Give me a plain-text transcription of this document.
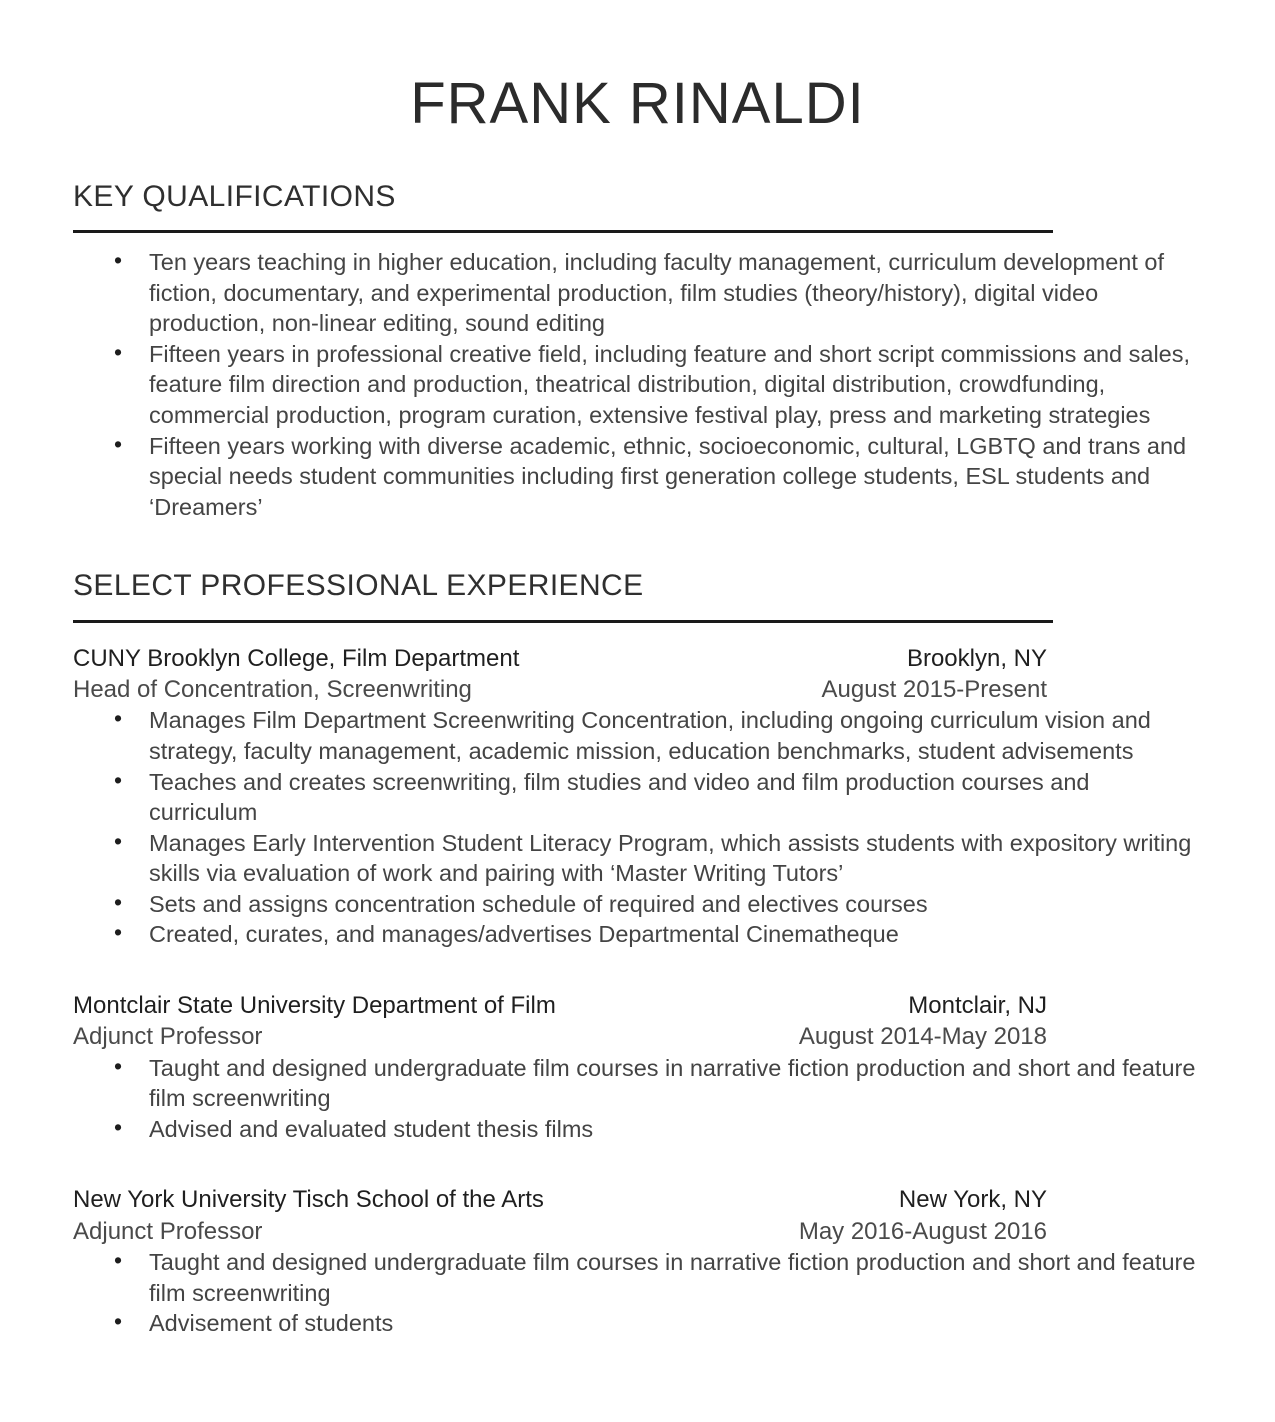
FRANK RINALDI
KEY QUALIFICATIONS
• Ten years teaching in higher education, including faculty management, curriculum development of fiction, documentary, and experimental production, film studies (theory/history), digital video production, non-linear editing, sound editing
• Fifteen years in professional creative field, including feature and short script commissions and sales, feature film direction and production, theatrical distribution, digital distribution, crowdfunding, commercial production, program curation, extensive festival play, press and marketing strategies
• Fifteen years working with diverse academic, ethnic, socioeconomic, cultural, LGBTQ and trans and special needs student communities including first generation college students, ESL students and ‘Dreamers’
SELECT PROFESSIONAL EXPERIENCE
CUNY Brooklyn College, Film Department	Brooklyn, NY
Head of Concentration, Screenwriting	August 2015-Present
• Manages Film Department Screenwriting Concentration, including ongoing curriculum vision and strategy, faculty management, academic mission, education benchmarks, student advisements
• Teaches and creates screenwriting, film studies and video and film production courses and curriculum
• Manages Early Intervention Student Literacy Program, which assists students with expository writing skills via evaluation of work and pairing with ‘Master Writing Tutors’
• Sets and assigns concentration schedule of required and electives courses
• Created, curates, and manages/advertises Departmental Cinematheque
Montclair State University Department of Film	Montclair, NJ
Adjunct Professor	August 2014-May 2018
• Taught and designed undergraduate film courses in narrative fiction production and short and feature film screenwriting
• Advised and evaluated student thesis films
New York University Tisch School of the Arts	New York, NY
Adjunct Professor	May 2016-August 2016
• Taught and designed undergraduate film courses in narrative fiction production and short and feature film screenwriting
• Advisement of students
